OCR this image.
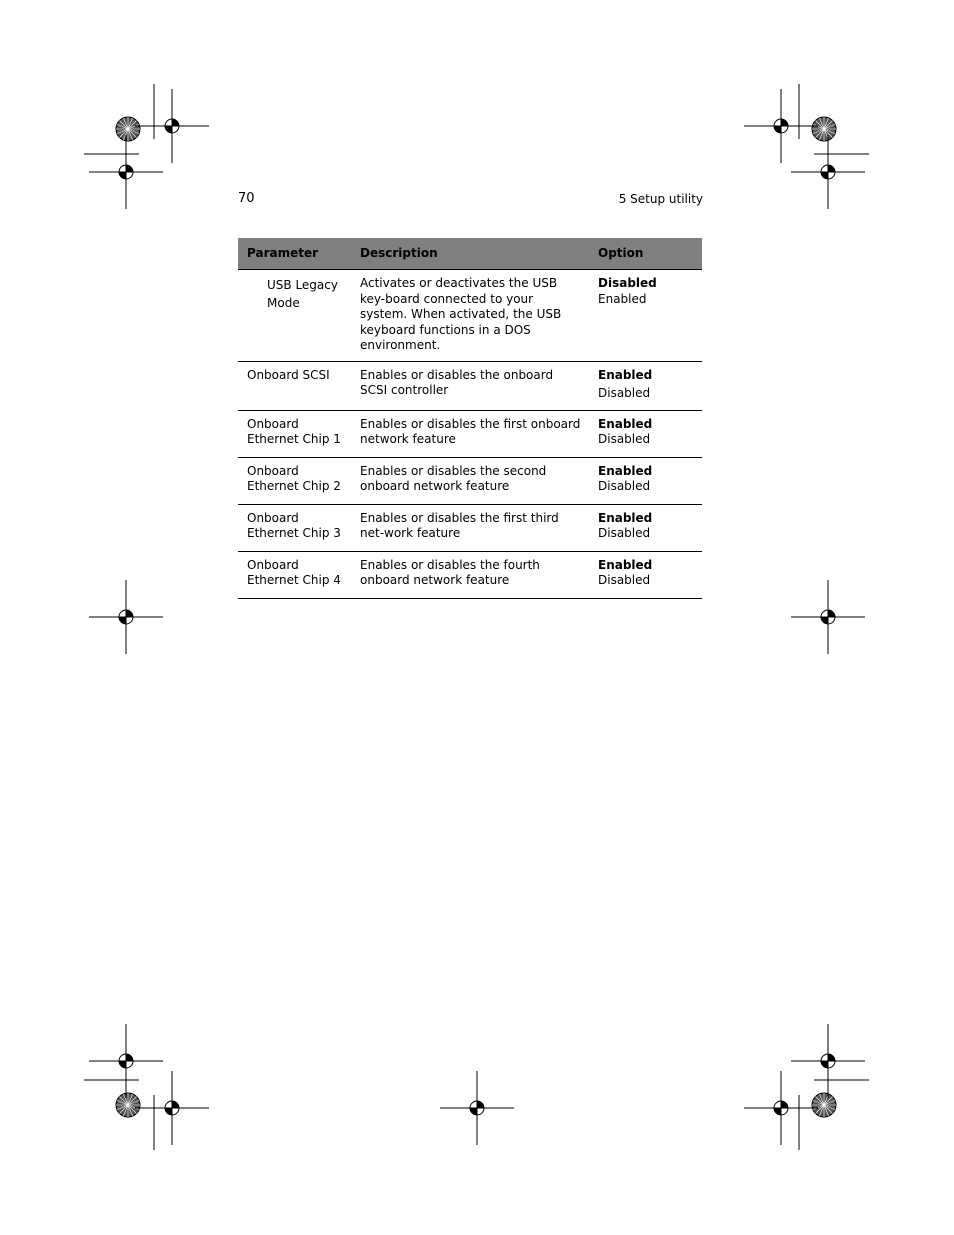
70	5 Setup utility
Parameter	Description	Option

USB Legacy Mode	Activates or deactivates the USB key-board connected to your system. When activated, the USB keyboard functions in a DOS environment.	Disabled
Enabled

Onboard SCSI	Enables or disables the onboard SCSI controller	Enabled
Disabled

Onboard Ethernet Chip 1	Enables or disables the first onboard network feature	Enabled
Disabled

Onboard Ethernet Chip 2	Enables or disables the second onboard network feature	Enabled
Disabled

Onboard Ethernet Chip 3	Enables or disables the first third net-work feature	Enabled
Disabled

Onboard Ethernet Chip 4	Enables or disables the fourth onboard network feature	Enabled
Disabled
